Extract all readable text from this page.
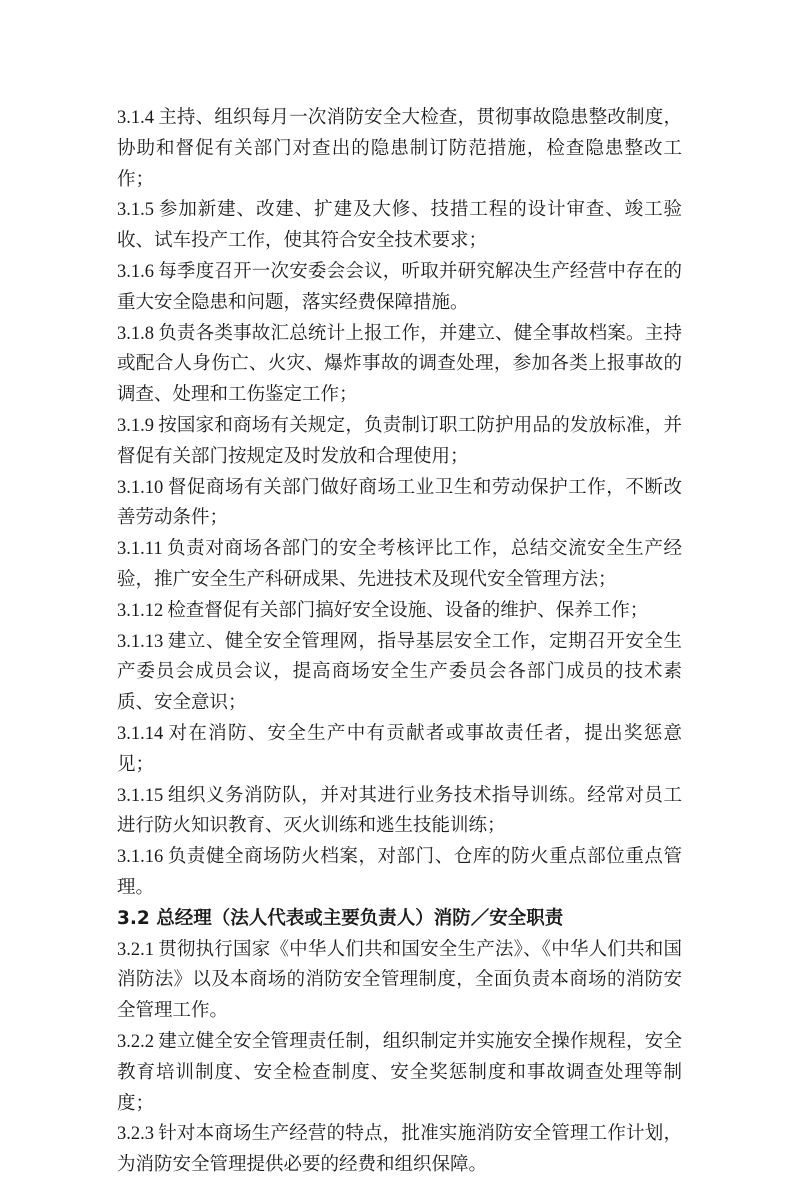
3.1.4 主持、组织每月一次消防安全大检查，贯彻事故隐患整改制度，协助和督促有关部门对查出的隐患制订防范措施，检查隐患整改工作；

3.1.5 参加新建、改建、扩建及大修、技措工程的设计审查、竣工验收、试车投产工作，使其符合安全技术要求；

3.1.6 每季度召开一次安委会会议，听取并研究解决生产经营中存在的重大安全隐患和问题，落实经费保障措施。

3.1.8 负责各类事故汇总统计上报工作，并建立、健全事故档案。主持或配合人身伤亡、火灾、爆炸事故的调查处理，参加各类上报事故的调查、处理和工伤鉴定工作；

3.1.9 按国家和商场有关规定，负责制订职工防护用品的发放标准，并督促有关部门按规定及时发放和合理使用；

3.1.10 督促商场有关部门做好商场工业卫生和劳动保护工作，不断改善劳动条件；

3.1.11 负责对商场各部门的安全考核评比工作，总结交流安全生产经验，推广安全生产科研成果、先进技术及现代安全管理方法；

3.1.12 检查督促有关部门搞好安全设施、设备的维护、保养工作；

3.1.13 建立、健全安全管理网，指导基层安全工作，定期召开安全生产委员会成员会议，提高商场安全生产委员会各部门成员的技术素质、安全意识；

3.1.14 对在消防、安全生产中有贡献者或事故责任者，提出奖惩意见；

3.1.15 组织义务消防队，并对其进行业务技术指导训练。经常对员工进行防火知识教育、灭火训练和逃生技能训练；

3.1.16 负责健全商场防火档案，对部门、仓库的防火重点部位重点管理。

3.2 总经理（法人代表或主要负责人）消防／安全职责

3.2.1 贯彻执行国家《中华人们共和国安全生产法》、《中华人们共和国消防法》以及本商场的消防安全管理制度，全面负责本商场的消防安全管理工作。

3.2.2 建立健全安全管理责任制，组织制定并实施安全操作规程，安全教育培训制度、安全检查制度、安全奖惩制度和事故调查处理等制度；

3.2.3 针对本商场生产经营的特点，批准实施消防安全管理工作计划，为消防安全管理提供必要的经费和组织保障。
